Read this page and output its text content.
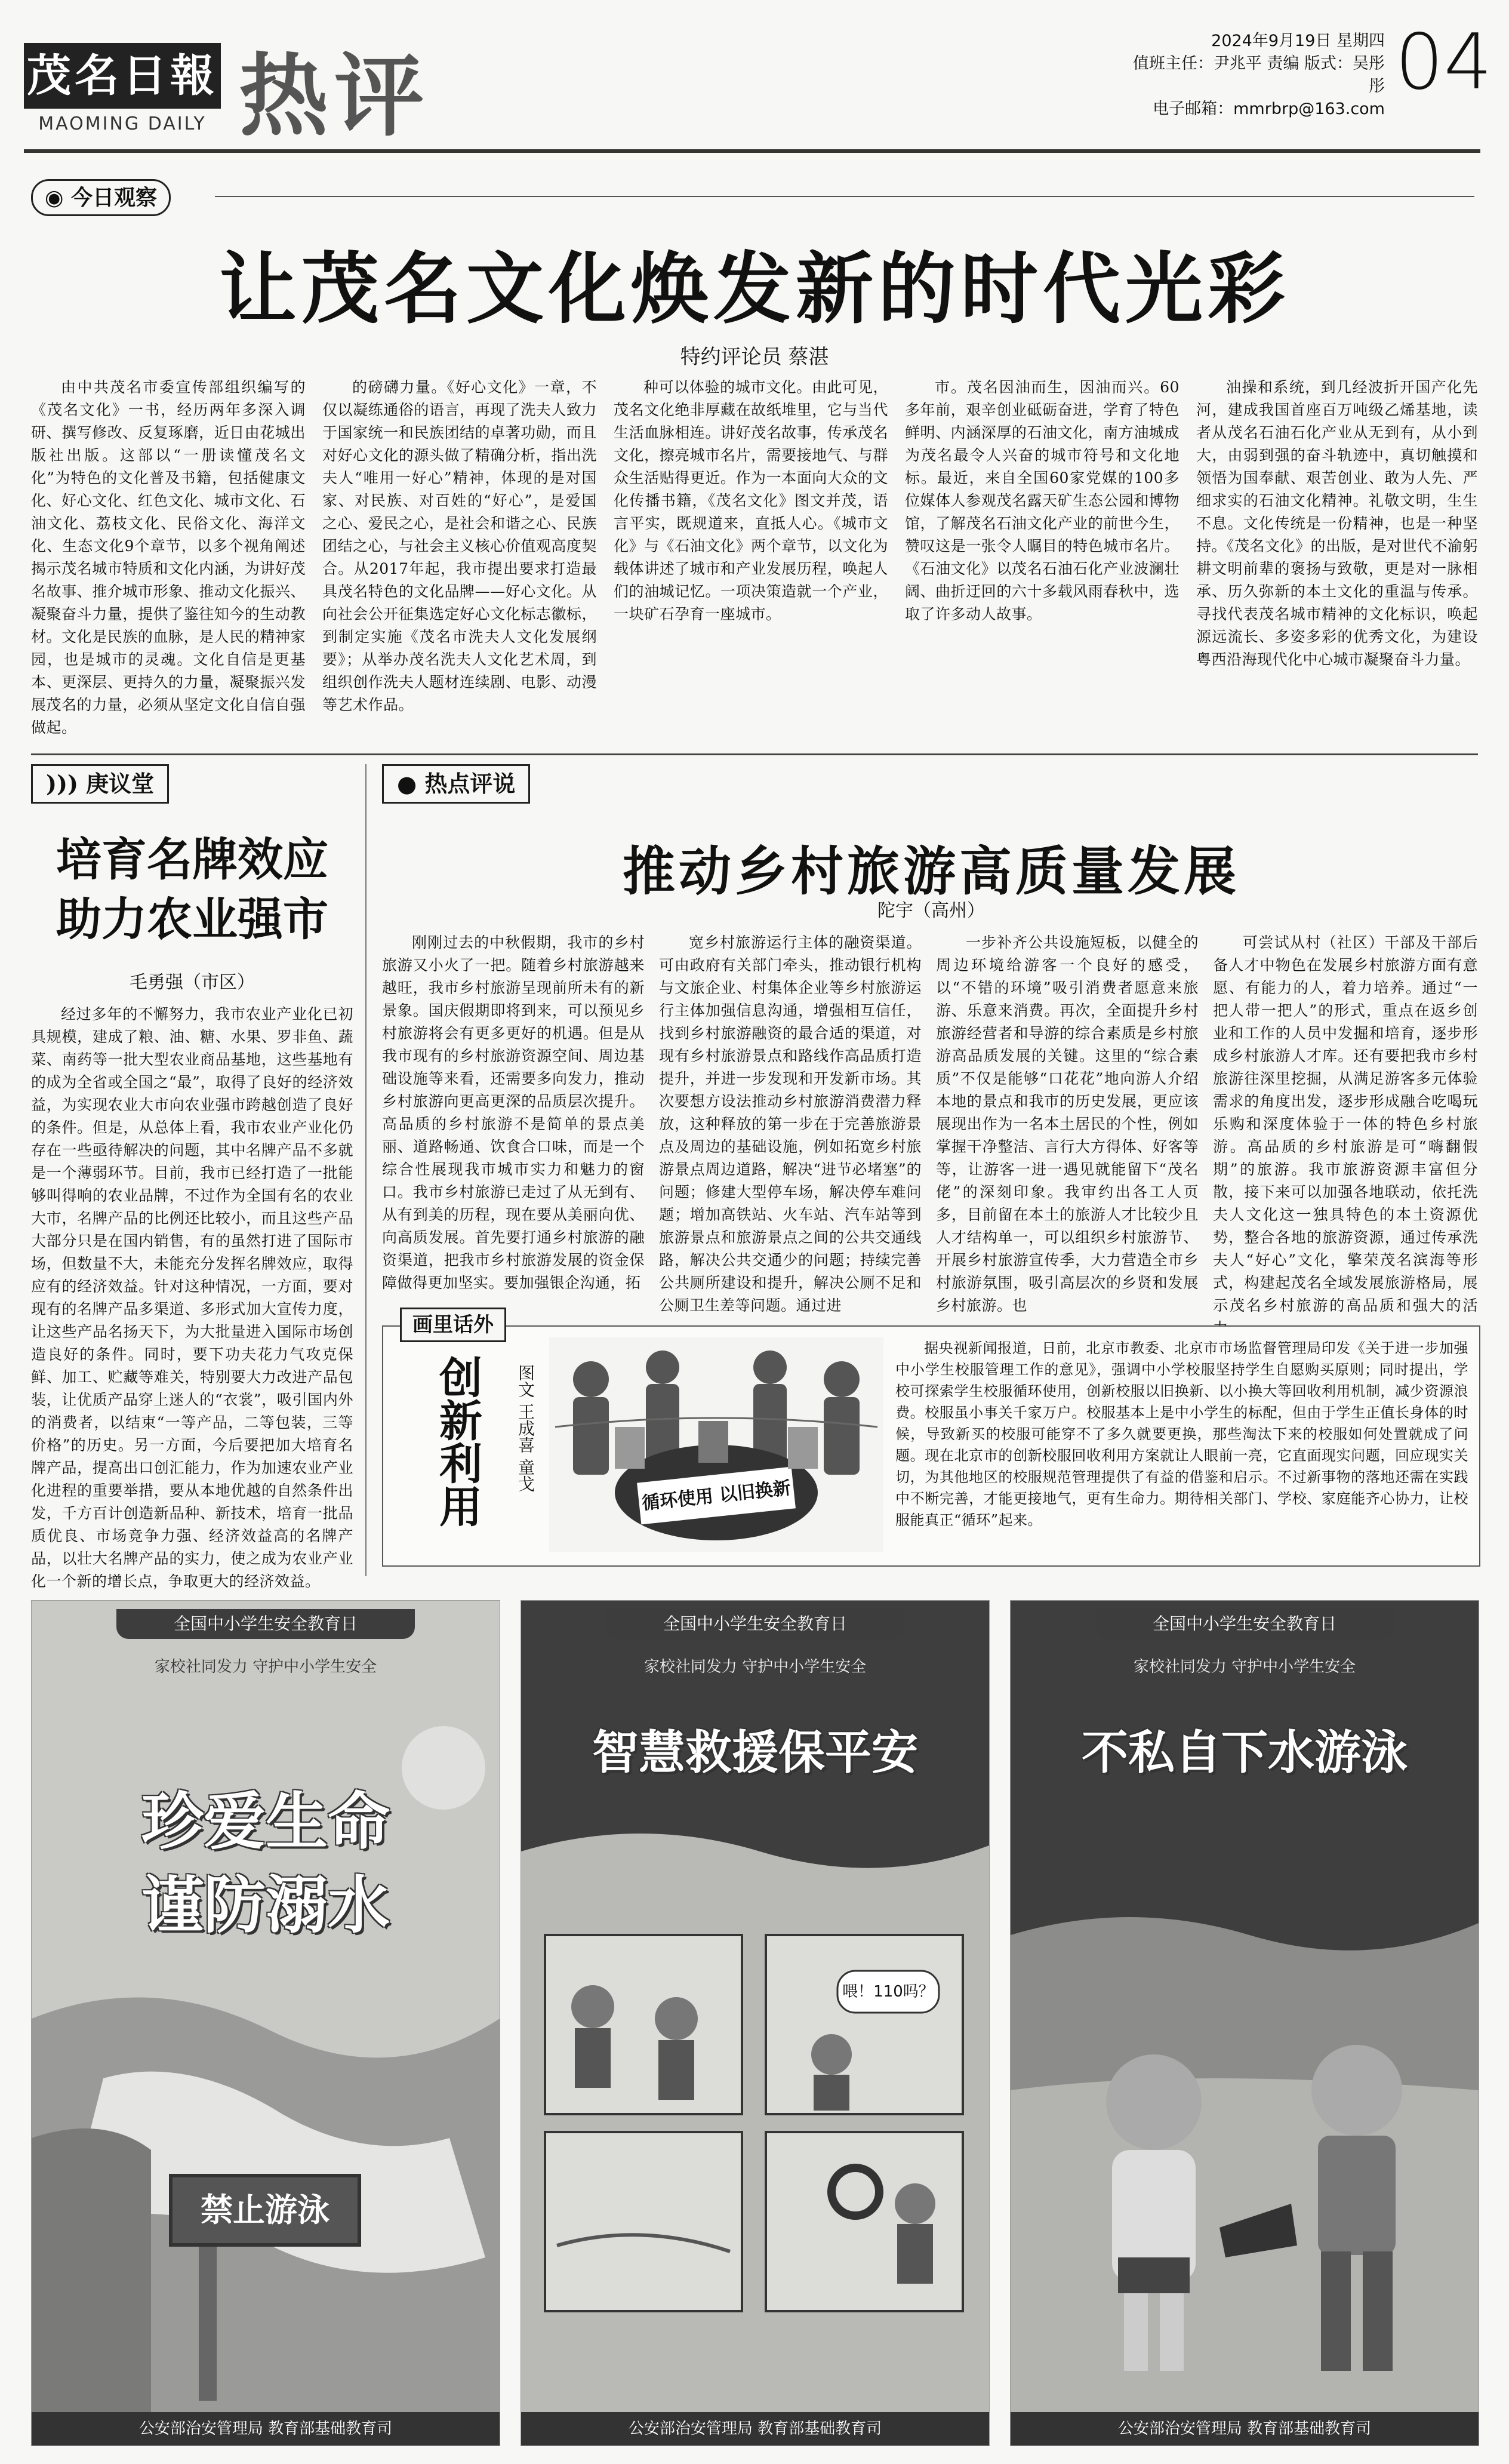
茂名日報
MAOMING DAILY 热评
2024年9月19日 星期四
值班主任：尹兆平 责编 版式：吴彤彤
电子邮箱：mmrbrp@163.com
04
◉ 今日观察
让茂名文化焕发新的时代光彩
特约评论员 蔡湛

由中共茂名市委宣传部组织编写的《茂名文化》一书，经历两年多深入调研、撰写修改、反复琢磨，近日由花城出版社出版。这部以“一册读懂茂名文化”为特色的文化普及书籍，包括健康文化、好心文化、红色文化、城市文化、石油文化、荔枝文化、民俗文化、海洋文化、生态文化9个章节，以多个视角阐述揭示茂名城市特质和文化内涵，为讲好茂名故事、推介城市形象、推动文化振兴、凝聚奋斗力量，提供了鉴往知今的生动教材。文化是民族的血脉，是人民的精神家园，也是城市的灵魂。文化自信是更基本、更深层、更持久的力量，凝聚振兴发展茂名的力量，必须从坚定文化自信自强做起。

的磅礴力量。《好心文化》一章，不仅以凝练通俗的语言，再现了洗夫人致力于国家统一和民族团结的卓著功勋，而且对好心文化的源头做了精确分析，指出洗夫人“唯用一好心”精神，体现的是对国家、对民族、对百姓的“好心”，是爱国之心、爱民之心，是社会和谐之心、民族团结之心，与社会主义核心价值观高度契合。从2017年起，我市提出要求打造最具茂名特色的文化品牌——好心文化。从向社会公开征集选定好心文化标志徽标，到制定实施《茂名市洗夫人文化发展纲要》；从举办茂名洗夫人文化艺术周，到组织创作洗夫人题材连续剧、电影、动漫等艺术作品。

种可以体验的城市文化。由此可见，茂名文化绝非厚藏在故纸堆里，它与当代生活血脉相连。讲好茂名故事，传承茂名文化，擦亮城市名片，需要接地气、与群众生活贴得更近。作为一本面向大众的文化传播书籍，《茂名文化》图文并茂，语言平实，既规道来，直抵人心。《城市文化》与《石油文化》两个章节，以文化为载体讲述了城市和产业发展历程，唤起人们的油城记忆。一项决策造就一个产业，一块矿石孕育一座城市。

市。茂名因油而生，因油而兴。60多年前，艰辛创业砥砺奋进，学育了特色鲜明、内涵深厚的石油文化，南方油城成为茂名最令人兴奋的城市符号和文化地标。最近，来自全国60家党媒的100多位媒体人参观茂名露天矿生态公园和博物馆，了解茂名石油文化产业的前世今生，赞叹这是一张令人瞩目的特色城市名片。《石油文化》以茂名石油石化产业波澜壮阔、曲折迂回的六十多载风雨春秋中，选取了许多动人故事。

油操和系统，到几经波折开国产化先河，建成我国首座百万吨级乙烯基地，读者从茂名石油石化产业从无到有，从小到大，由弱到强的奋斗轨迹中，真切触摸和领悟为国奉献、艰苦创业、敢为人先、严细求实的石油文化精神。礼敬文明，生生不息。文化传统是一份精神，也是一种坚持。《茂名文化》的出版，是对世代不渝躬耕文明前辈的褒扬与致敬，更是对一脉相承、历久弥新的本土文化的重温与传承。寻找代表茂名城市精神的文化标识，唤起源远流长、多姿多彩的优秀文化，为建设粤西沿海现代化中心城市凝聚奋斗力量。

))) 庚议堂
培育名牌效应
助力农业强市
毛勇强（市区）

经过多年的不懈努力，我市农业产业化已初具规模，建成了粮、油、糖、水果、罗非鱼、蔬菜、南药等一批大型农业商品基地，这些基地有的成为全省或全国之“最”，取得了良好的经济效益，为实现农业大市向农业强市跨越创造了良好的条件。但是，从总体上看，我市农业产业化仍存在一些亟待解决的问题，其中名牌产品不多就是一个薄弱环节。目前，我市已经打造了一批能够叫得响的农业品牌，不过作为全国有名的农业大市，名牌产品的比例还比较小，而且这些产品大部分只是在国内销售，有的虽然打进了国际市场，但数量不大，未能充分发挥名牌效应，取得应有的经济效益。针对这种情况，一方面，要对现有的名牌产品多渠道、多形式加大宣传力度，让这些产品名扬天下，为大批量进入国际市场创造良好的条件。同时，要下功夫花力气攻克保鲜、加工、贮藏等难关，特别要大力改进产品包装，让优质产品穿上迷人的“衣裳”，吸引国内外的消费者，以结束“一等产品，二等包装，三等价格”的历史。另一方面，今后要把加大培育名牌产品，提高出口创汇能力，作为加速农业产业化进程的重要举措，要从本地优越的自然条件出发，千方百计创造新品种、新技术，培育一批品质优良、市场竞争力强、经济效益高的名牌产品，以壮大名牌产品的实力，使之成为农业产业化一个新的增长点，争取更大的经济效益。

● 热点评说
推动乡村旅游高质量发展
陀宇（高州）

刚刚过去的中秋假期，我市的乡村旅游又小火了一把。随着乡村旅游越来越旺，我市乡村旅游呈现前所未有的新景象。国庆假期即将到来，可以预见乡村旅游将会有更多更好的机遇。但是从我市现有的乡村旅游资源空间、周边基础设施等来看，还需要多向发力，推动乡村旅游向更高更深的品质层次提升。高品质的乡村旅游不是简单的景点美丽、道路畅通、饮食合口味，而是一个综合性展现我市城市实力和魅力的窗口。我市乡村旅游已走过了从无到有、从有到美的历程，现在要从美丽向优、向高质发展。首先要打通乡村旅游的融资渠道，把我市乡村旅游发展的资金保障做得更加坚实。要加强银企沟通，拓

宽乡村旅游运行主体的融资渠道。可由政府有关部门牵头，推动银行机构与文旅企业、村集体企业等乡村旅游运行主体加强信息沟通，增强相互信任，找到乡村旅游融资的最合适的渠道，对现有乡村旅游景点和路线作高品质打造提升，并进一步发现和开发新市场。其次要想方设法推动乡村旅游消费潜力释放，这种释放的第一步在于完善旅游景点及周边的基础设施，例如拓宽乡村旅游景点周边道路，解决“进节必堵塞”的问题；修建大型停车场，解决停车难问题；增加高铁站、火车站、汽车站等到旅游景点和旅游景点之间的公共交通线路，解决公共交通少的问题；持续完善公共厕所建设和提升，解决公厕不足和公厕卫生差等问题。通过进

一步补齐公共设施短板，以健全的周边环境给游客一个良好的感受，以“不错的环境”吸引消费者愿意来旅游、乐意来消费。再次，全面提升乡村旅游经营者和导游的综合素质是乡村旅游高品质发展的关键。这里的“综合素质”不仅是能够“口花花”地向游人介绍本地的景点和我市的历史发展，更应该展现出作为一名本土居民的个性，例如掌握干净整洁、言行大方得体、好客等等，让游客一进一遇见就能留下“茂名佬”的深刻印象。我审约出各工人页多，目前留在本土的旅游人才比较少且人才结构单一，可以组织乡村旅游节、开展乡村旅游宣传季，大力营造全市乡村旅游氛围，吸引高层次的乡贤和发展乡村旅游。也

可尝试从村（社区）干部及干部后备人才中物色在发展乡村旅游方面有意愿、有能力的人，着力培养。通过“一把人带一把人”的形式，重点在返乡创业和工作的人员中发掘和培育，逐步形成乡村旅游人才库。还有要把我市乡村旅游往深里挖掘，从满足游客多元体验需求的角度出发，逐步形成融合吃喝玩乐购和深度体验于一体的特色乡村旅游。高品质的乡村旅游是可“嗨翻假期”的旅游。我市旅游资源丰富但分散，接下来可以加强各地联动，依托洗夫人文化这一独具特色的本土资源优势，整合各地的旅游资源，通过传承洗夫人“好心”文化，擎荣茂名滨海等形式，构建起茂名全域发展旅游格局，展示茂名乡村旅游的高品质和强大的活

画里话外
创新利用	图文 王成喜 童戈
循环使用 以旧换新

据央视新闻报道，日前，北京市教委、北京市市场监督管理局印发《关于进一步加强中小学生校服管理工作的意见》，强调中小学校服坚持学生自愿购买原则；同时提出，学校可探索学生校服循环使用，创新校服以旧换新、以小换大等回收利用机制，减少资源浪费。校服虽小事关千家万户。校服基本上是中小学生的标配，但由于学生正值长身体的时候，导致新买的校服可能穿不了多久就要更换，那些淘汰下来的校服如何处置就成了问题。现在北京市的创新校服回收利用方案就让人眼前一亮，它直面现实问题，回应现实关切，为其他地区的校服规范管理提供了有益的借鉴和启示。不过新事物的落地还需在实践中不断完善，才能更接地气，更有生命力。期待相关部门、学校、家庭能齐心协力，让校服能真正“循环”起来。

全国中小学生安全教育日
家校社同发力 守护中小学生安全
珍爱生命
谨防溺水
禁止游泳
公安部治安管理局 教育部基础教育司
全国中小学生安全教育日
家校社同发力 守护中小学生安全
智慧救援保平安
喂！110吗？
公安部治安管理局 教育部基础教育司
全国中小学生安全教育日
家校社同发力 守护中小学生安全
不私自下水游泳
公安部治安管理局 教育部基础教育司
